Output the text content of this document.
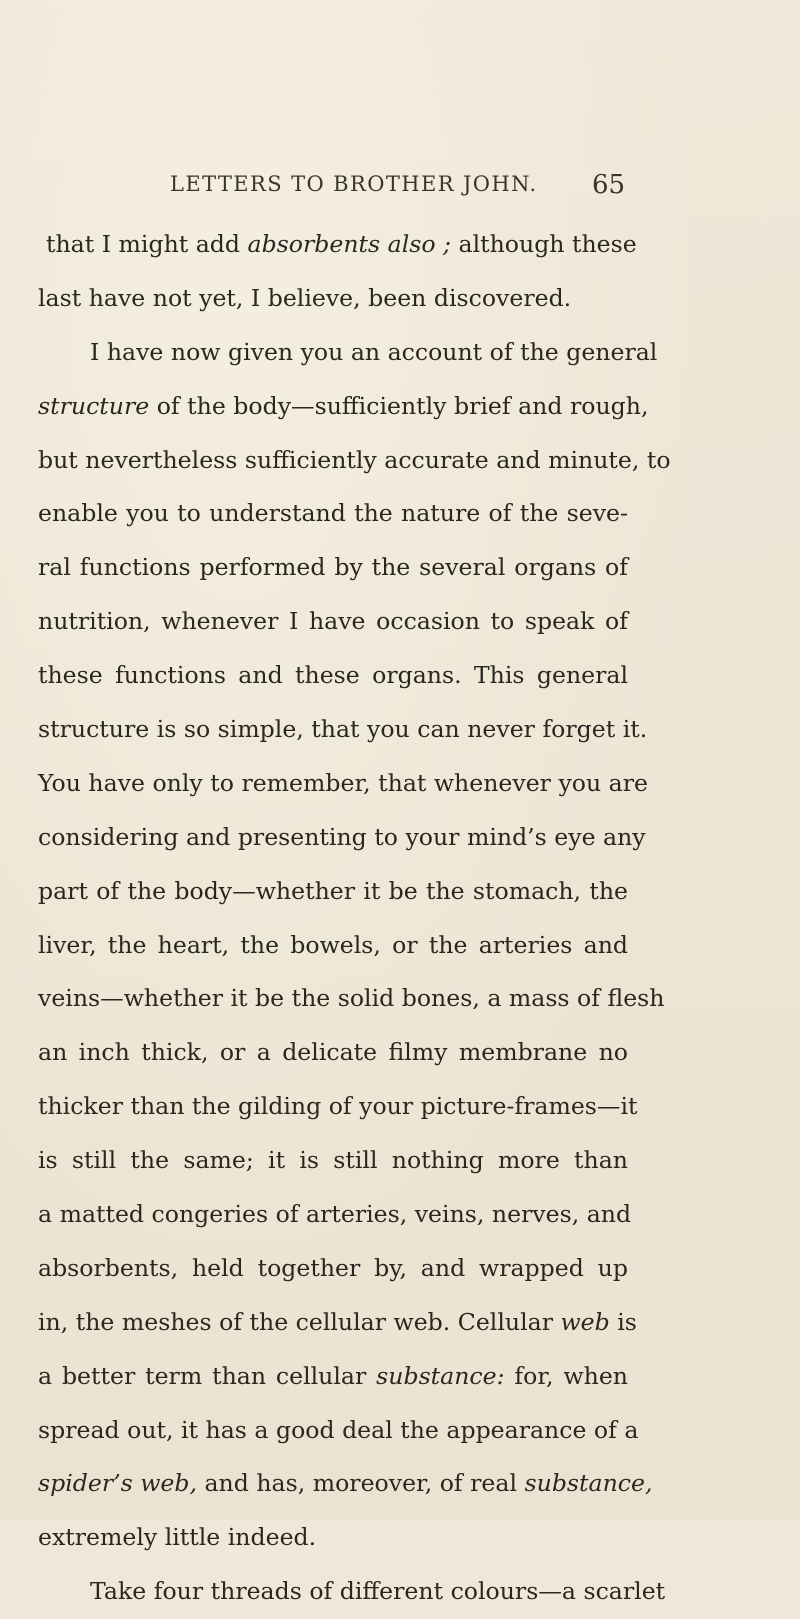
LETTERS TO BROTHER JOHN. 65
that I might add absorbents also ; although these
last have not yet, I believe, been discovered.
I have now given you an account of the general
structure of the body—sufficiently brief and rough,
but nevertheless sufficiently accurate and minute, to
enable you to understand the nature of the seve-
ral functions performed by the several organs of
nutrition, whenever I have occasion to speak of
these functions and these organs. This general
structure is so simple, that you can never forget it.
You have only to remember, that whenever you are
considering and presenting to your mind’s eye any
part of the body—whether it be the stomach, the
liver, the heart, the bowels, or the arteries and
veins—whether it be the solid bones, a mass of flesh
an inch thick, or a delicate filmy membrane no
thicker than the gilding of your picture-frames—it
is still the same; it is still nothing more than
a matted congeries of arteries, veins, nerves, and
absorbents, held together by, and wrapped up
in, the meshes of the cellular web. Cellular web is
a better term than cellular substance: for, when
spread out, it has a good deal the appearance of a
spider’s web, and has, moreover, of real substance,
extremely little indeed.
Take four threads of different colours—a scarlet
